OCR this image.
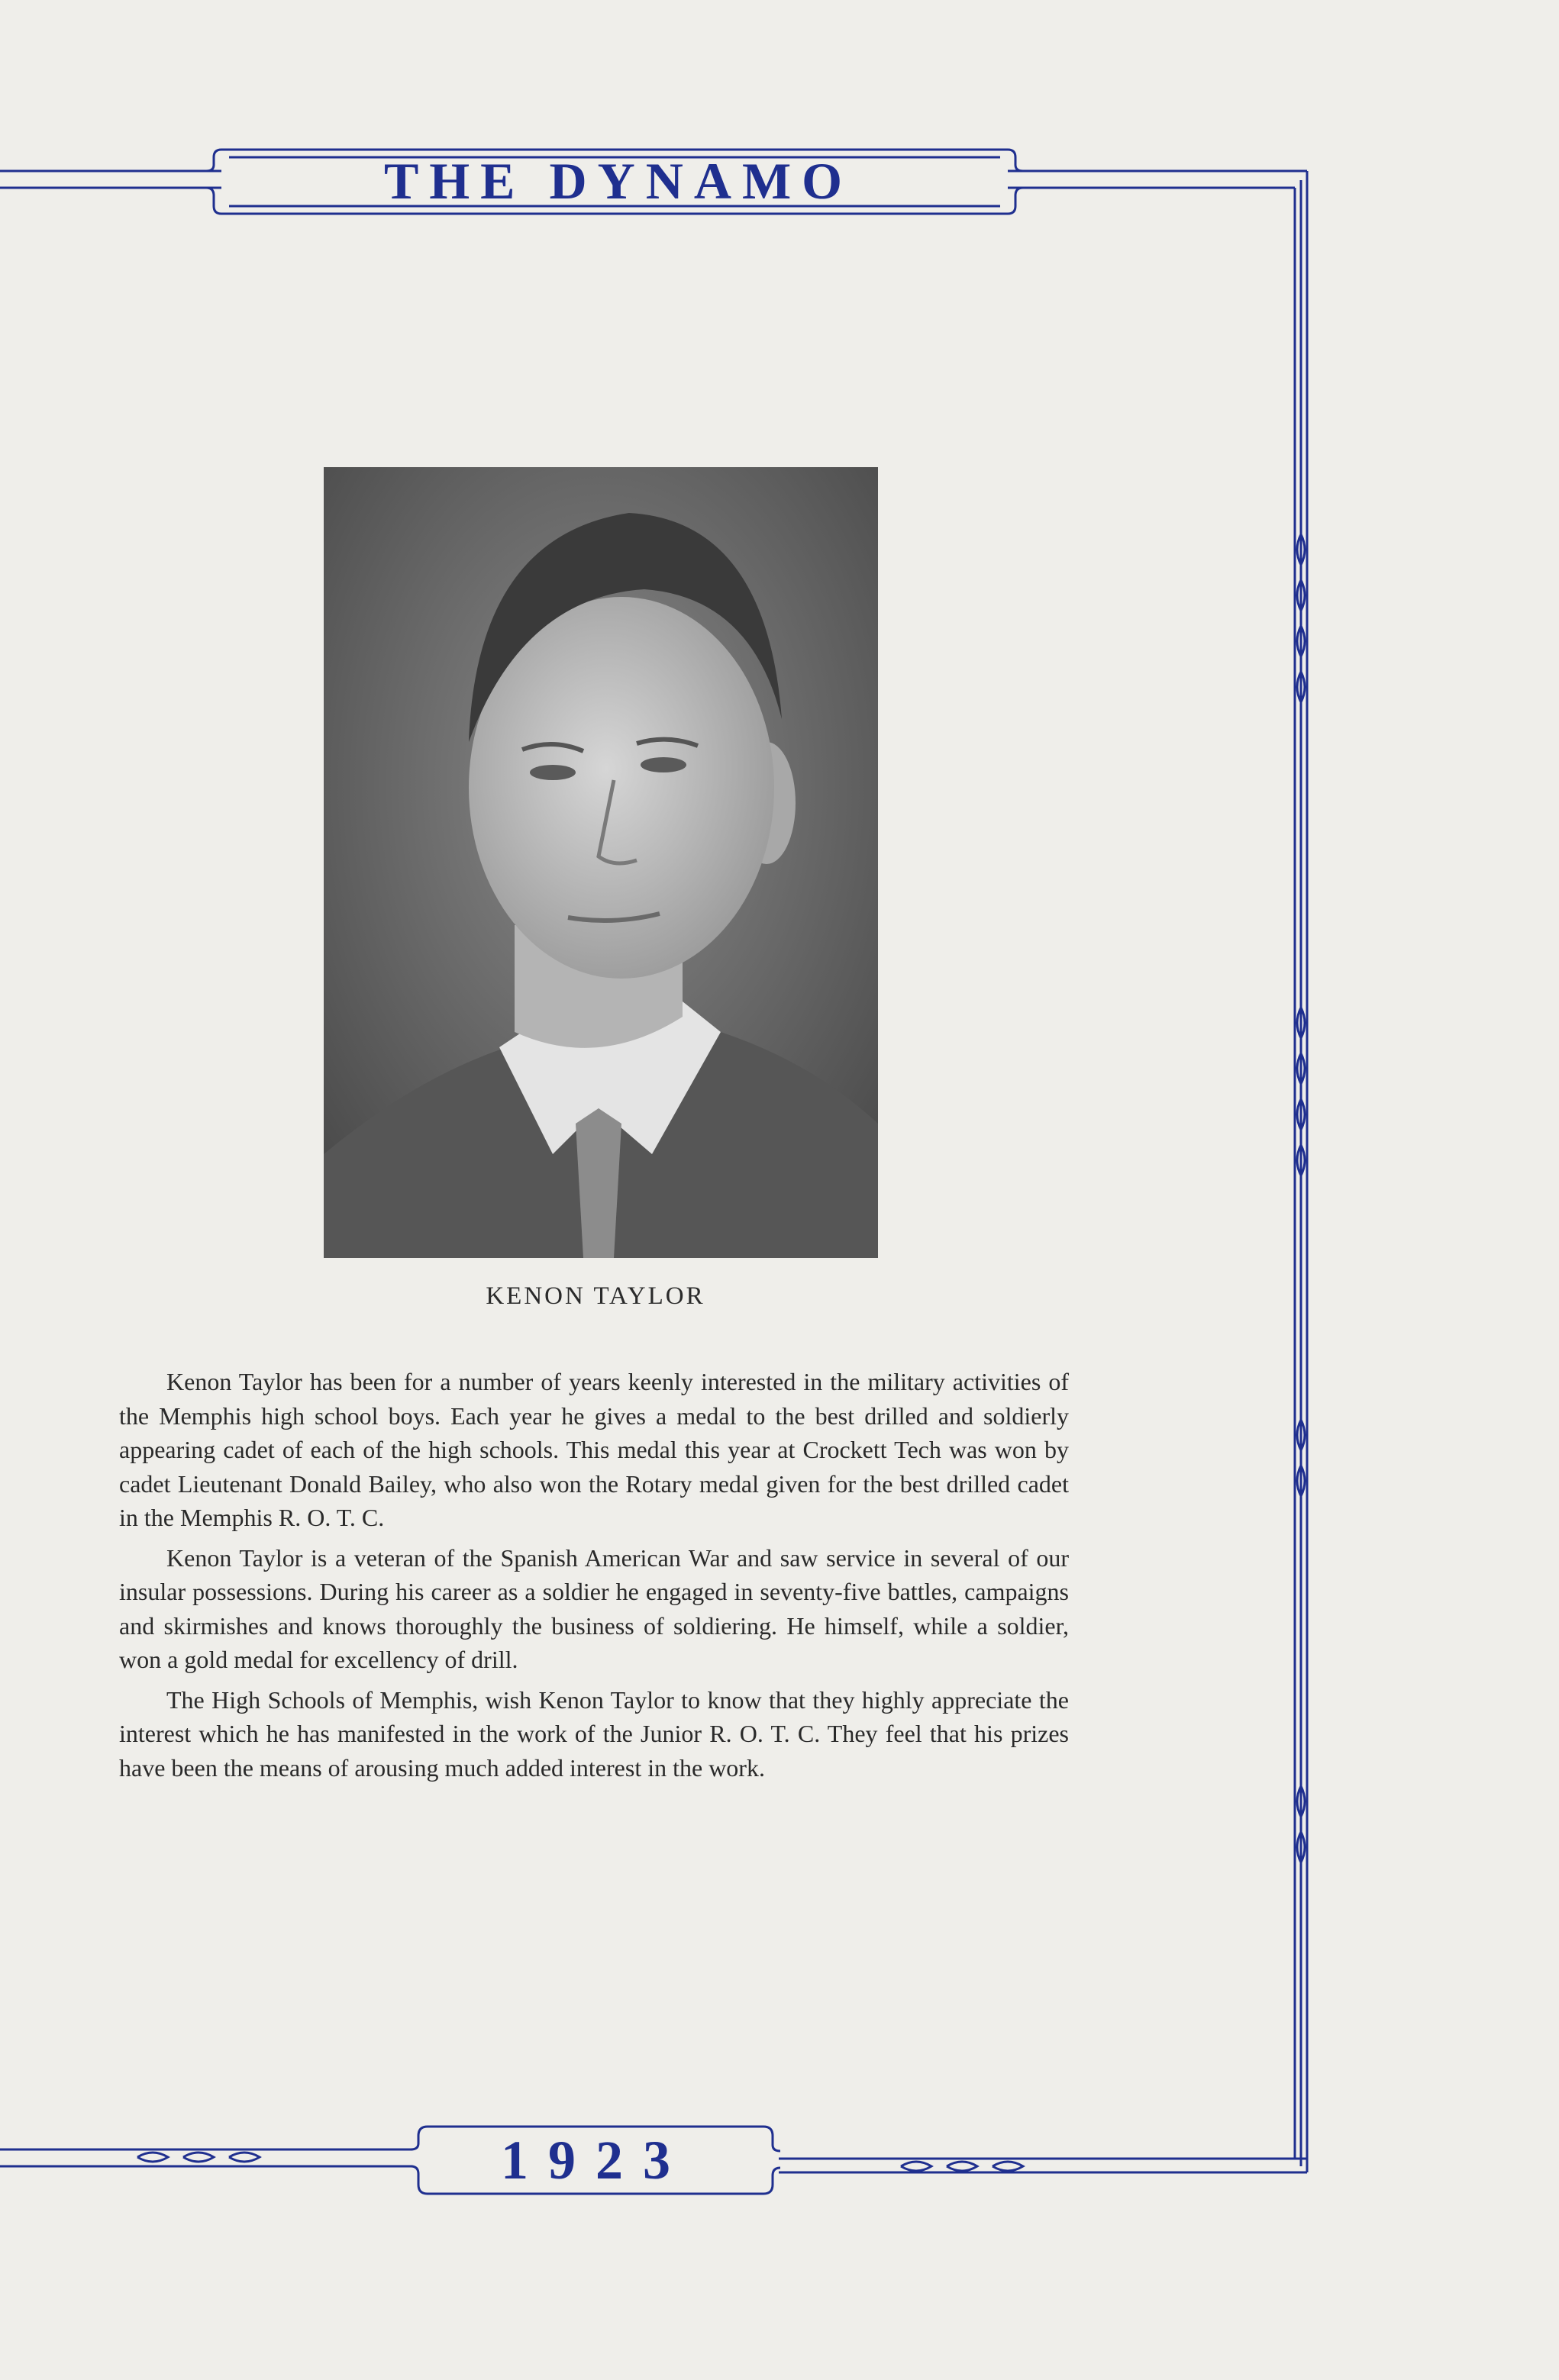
THE DYNAMO
KENON TAYLOR

Kenon Taylor has been for a number of years keenly interested in the military activities of the Memphis high school boys. Each year he gives a medal to the best drilled and soldierly appearing cadet of each of the high schools. This medal this year at Crockett Tech was won by cadet Lieutenant Donald Bailey, who also won the Rotary medal given for the best drilled cadet in the Memphis R. O. T. C.

Kenon Taylor is a veteran of the Spanish American War and saw service in several of our insular possessions. During his career as a soldier he engaged in seventy-five battles, campaigns and skirmishes and knows thoroughly the business of soldiering. He himself, while a soldier, won a gold medal for excellency of drill.

The High Schools of Memphis, wish Kenon Taylor to know that they highly appreciate the interest which he has manifested in the work of the Junior R. O. T. C. They feel that his prizes have been the means of arousing much added interest in the work.

1923
